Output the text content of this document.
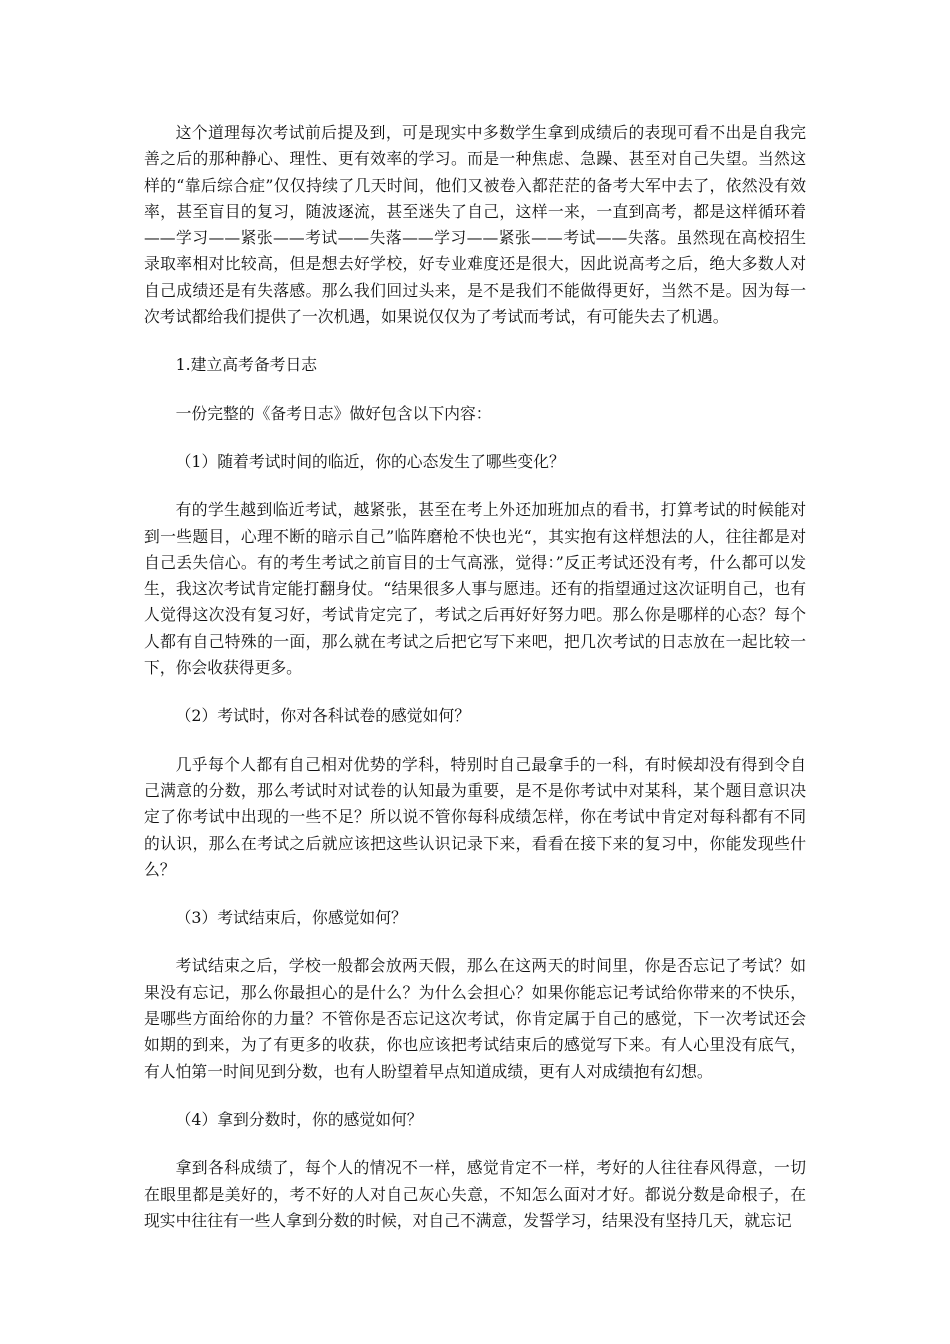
这个道理每次考试前后提及到，可是现实中多数学生拿到成绩后的表现可看不出是自我完善之后的那种静心、理性、更有效率的学习。而是一种焦虑、急躁、甚至对自己失望。当然这样的“靠后综合症”仅仅持续了几天时间，他们又被卷入都茫茫的备考大军中去了，依然没有效率，甚至盲目的复习，随波逐流，甚至迷失了自己，这样一来，一直到高考，都是这样循环着——学习——紧张——考试——失落——学习——紧张——考试——失落。虽然现在高校招生录取率相对比较高，但是想去好学校，好专业难度还是很大，因此说高考之后，绝大多数人对自己成绩还是有失落感。那么我们回过头来，是不是我们不能做得更好，当然不是。因为每一次考试都给我们提供了一次机遇，如果说仅仅为了考试而考试，有可能失去了机遇。

1.建立高考备考日志

一份完整的《备考日志》做好包含以下内容：

（1）随着考试时间的临近，你的心态发生了哪些变化？

有的学生越到临近考试，越紧张，甚至在考上外还加班加点的看书，打算考试的时候能对到一些题目，心理不断的暗示自己”临阵磨枪不快也光“，其实抱有这样想法的人，往往都是对自己丢失信心。有的考生考试之前盲目的士气高涨，觉得：”反正考试还没有考，什么都可以发生，我这次考试肯定能打翻身仗。“结果很多人事与愿违。还有的指望通过这次证明自己，也有人觉得这次没有复习好，考试肯定完了，考试之后再好好努力吧。那么你是哪样的心态？每个人都有自己特殊的一面，那么就在考试之后把它写下来吧，把几次考试的日志放在一起比较一下，你会收获得更多。

（2）考试时，你对各科试卷的感觉如何？

几乎每个人都有自己相对优势的学科，特别时自己最拿手的一科，有时候却没有得到令自己满意的分数，那么考试时对试卷的认知最为重要，是不是你考试中对某科，某个题目意识决定了你考试中出现的一些不足？所以说不管你每科成绩怎样，你在考试中肯定对每科都有不同的认识，那么在考试之后就应该把这些认识记录下来，看看在接下来的复习中，你能发现些什么？

（3）考试结束后，你感觉如何？

考试结束之后，学校一般都会放两天假，那么在这两天的时间里，你是否忘记了考试？如果没有忘记，那么你最担心的是什么？为什么会担心？如果你能忘记考试给你带来的不快乐，是哪些方面给你的力量？不管你是否忘记这次考试，你肯定属于自己的感觉，下一次考试还会如期的到来，为了有更多的收获，你也应该把考试结束后的感觉写下来。有人心里没有底气，有人怕第一时间见到分数，也有人盼望着早点知道成绩，更有人对成绩抱有幻想。

（4）拿到分数时，你的感觉如何？

拿到各科成绩了，每个人的情况不一样，感觉肯定不一样，考好的人往往春风得意，一切在眼里都是美好的，考不好的人对自己灰心失意，不知怎么面对才好。都说分数是命根子，在现实中往往有一些人拿到分数的时候，对自己不满意，发誓学习，结果没有坚持几天，就忘记
